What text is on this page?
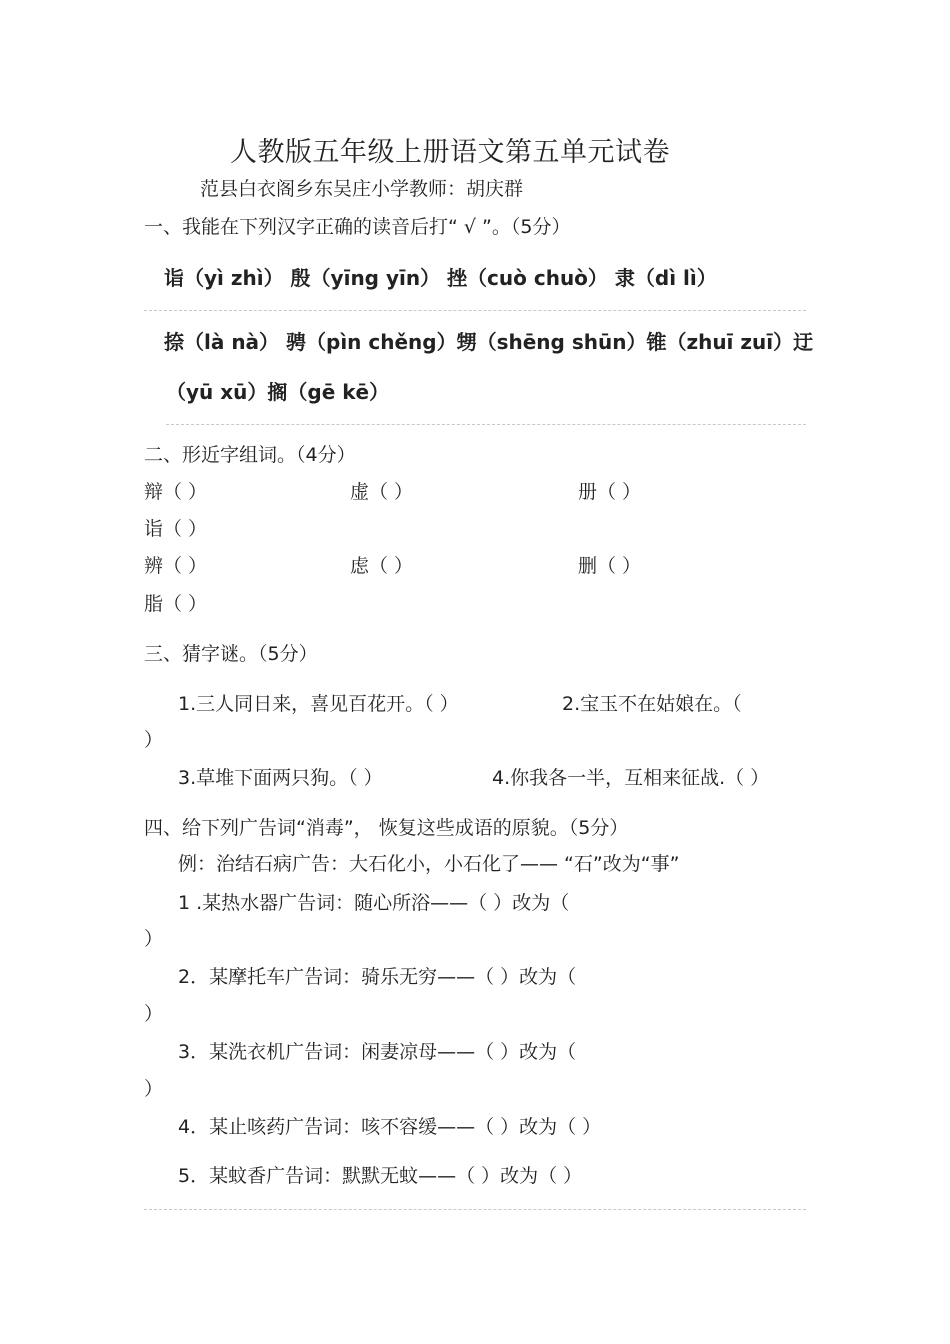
人教版五年级上册语文第五单元试卷
范县白衣阁乡东吴庄小学教师：胡庆群
一、我能在下列汉字正确的读音后打“ √ ”。（5分）
诣（yì zhì） 殷（yīng yīn） 挫（cuò chuò） 隶（dì lì）
捺（là nà） 骋（pìn chěng）甥（shēng shūn）锥（zhuī zuī）迂
（yū xū）搁（gē kē）
二、形近字组词。（4分）
辩（ ）	虚（ ）	册（ ）
诣（ ）
辨（ ）	虑（ ）	删（ ）
脂（ ）
三、猜字谜。（5分）
1.三人同日来，喜见百花开。（ ）	2.宝玉不在姑娘在。（
）
3.草堆下面两只狗。（ ）	4.你我各一半，互相来征战.（ ）
四、给下列广告词“消毒”， 恢复这些成语的原貌。（5分）
例：治结石病广告：大石化小，小石化了—— “石”改为“事”
1 .某热水器广告词：随心所浴——（ ）改为（
）
2．某摩托车广告词：骑乐无穷——（ ）改为（
）
3．某洗衣机广告词：闲妻凉母——（ ）改为（
）
4．某止咳药广告词：咳不容缓——（ ）改为（ ）
5．某蚊香广告词：默默无蚊——（ ）改为（ ）
